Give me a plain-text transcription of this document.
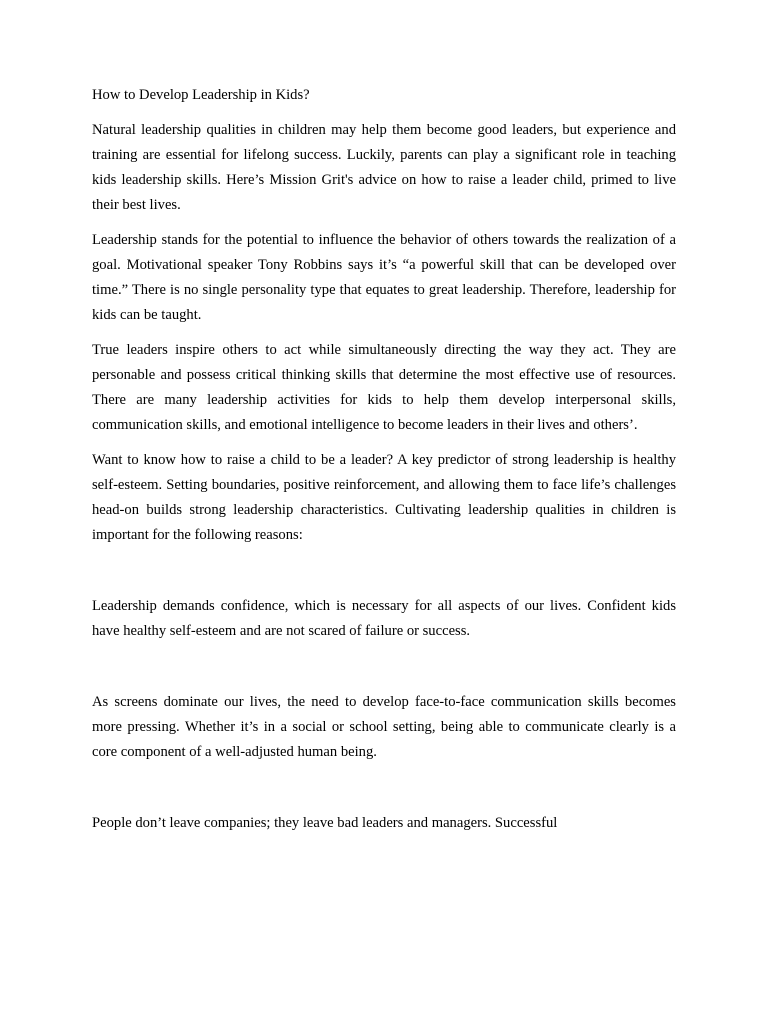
How to Develop Leadership in Kids?

Natural leadership qualities in children may help them become good leaders, but experience and training are essential for lifelong success. Luckily, parents can play a significant role in teaching kids leadership skills. Here’s Mission Grit's advice on how to raise a leader child, primed to live their best lives.

Leadership stands for the potential to influence the behavior of others towards the realization of a goal. Motivational speaker Tony Robbins says it’s “a powerful skill that can be developed over time.” There is no single personality type that equates to great leadership. Therefore, leadership for kids can be taught.

True leaders inspire others to act while simultaneously directing the way they act. They are personable and possess critical thinking skills that determine the most effective use of resources. There are many leadership activities for kids to help them develop interpersonal skills, communication skills, and emotional intelligence to become leaders in their lives and others’.

Want to know how to raise a child to be a leader? A key predictor of strong leadership is healthy self-esteem. Setting boundaries, positive reinforcement, and allowing them to face life’s challenges head-on builds strong leadership characteristics. Cultivating leadership qualities in children is important for the following reasons:

Leadership demands confidence, which is necessary for all aspects of our lives. Confident kids have healthy self-esteem and are not scared of failure or success.

As screens dominate our lives, the need to develop face-to-face communication skills becomes more pressing. Whether it’s in a social or school setting, being able to communicate clearly is a core component of a well-adjusted human being.

People don’t leave companies; they leave bad leaders and managers. Successful
